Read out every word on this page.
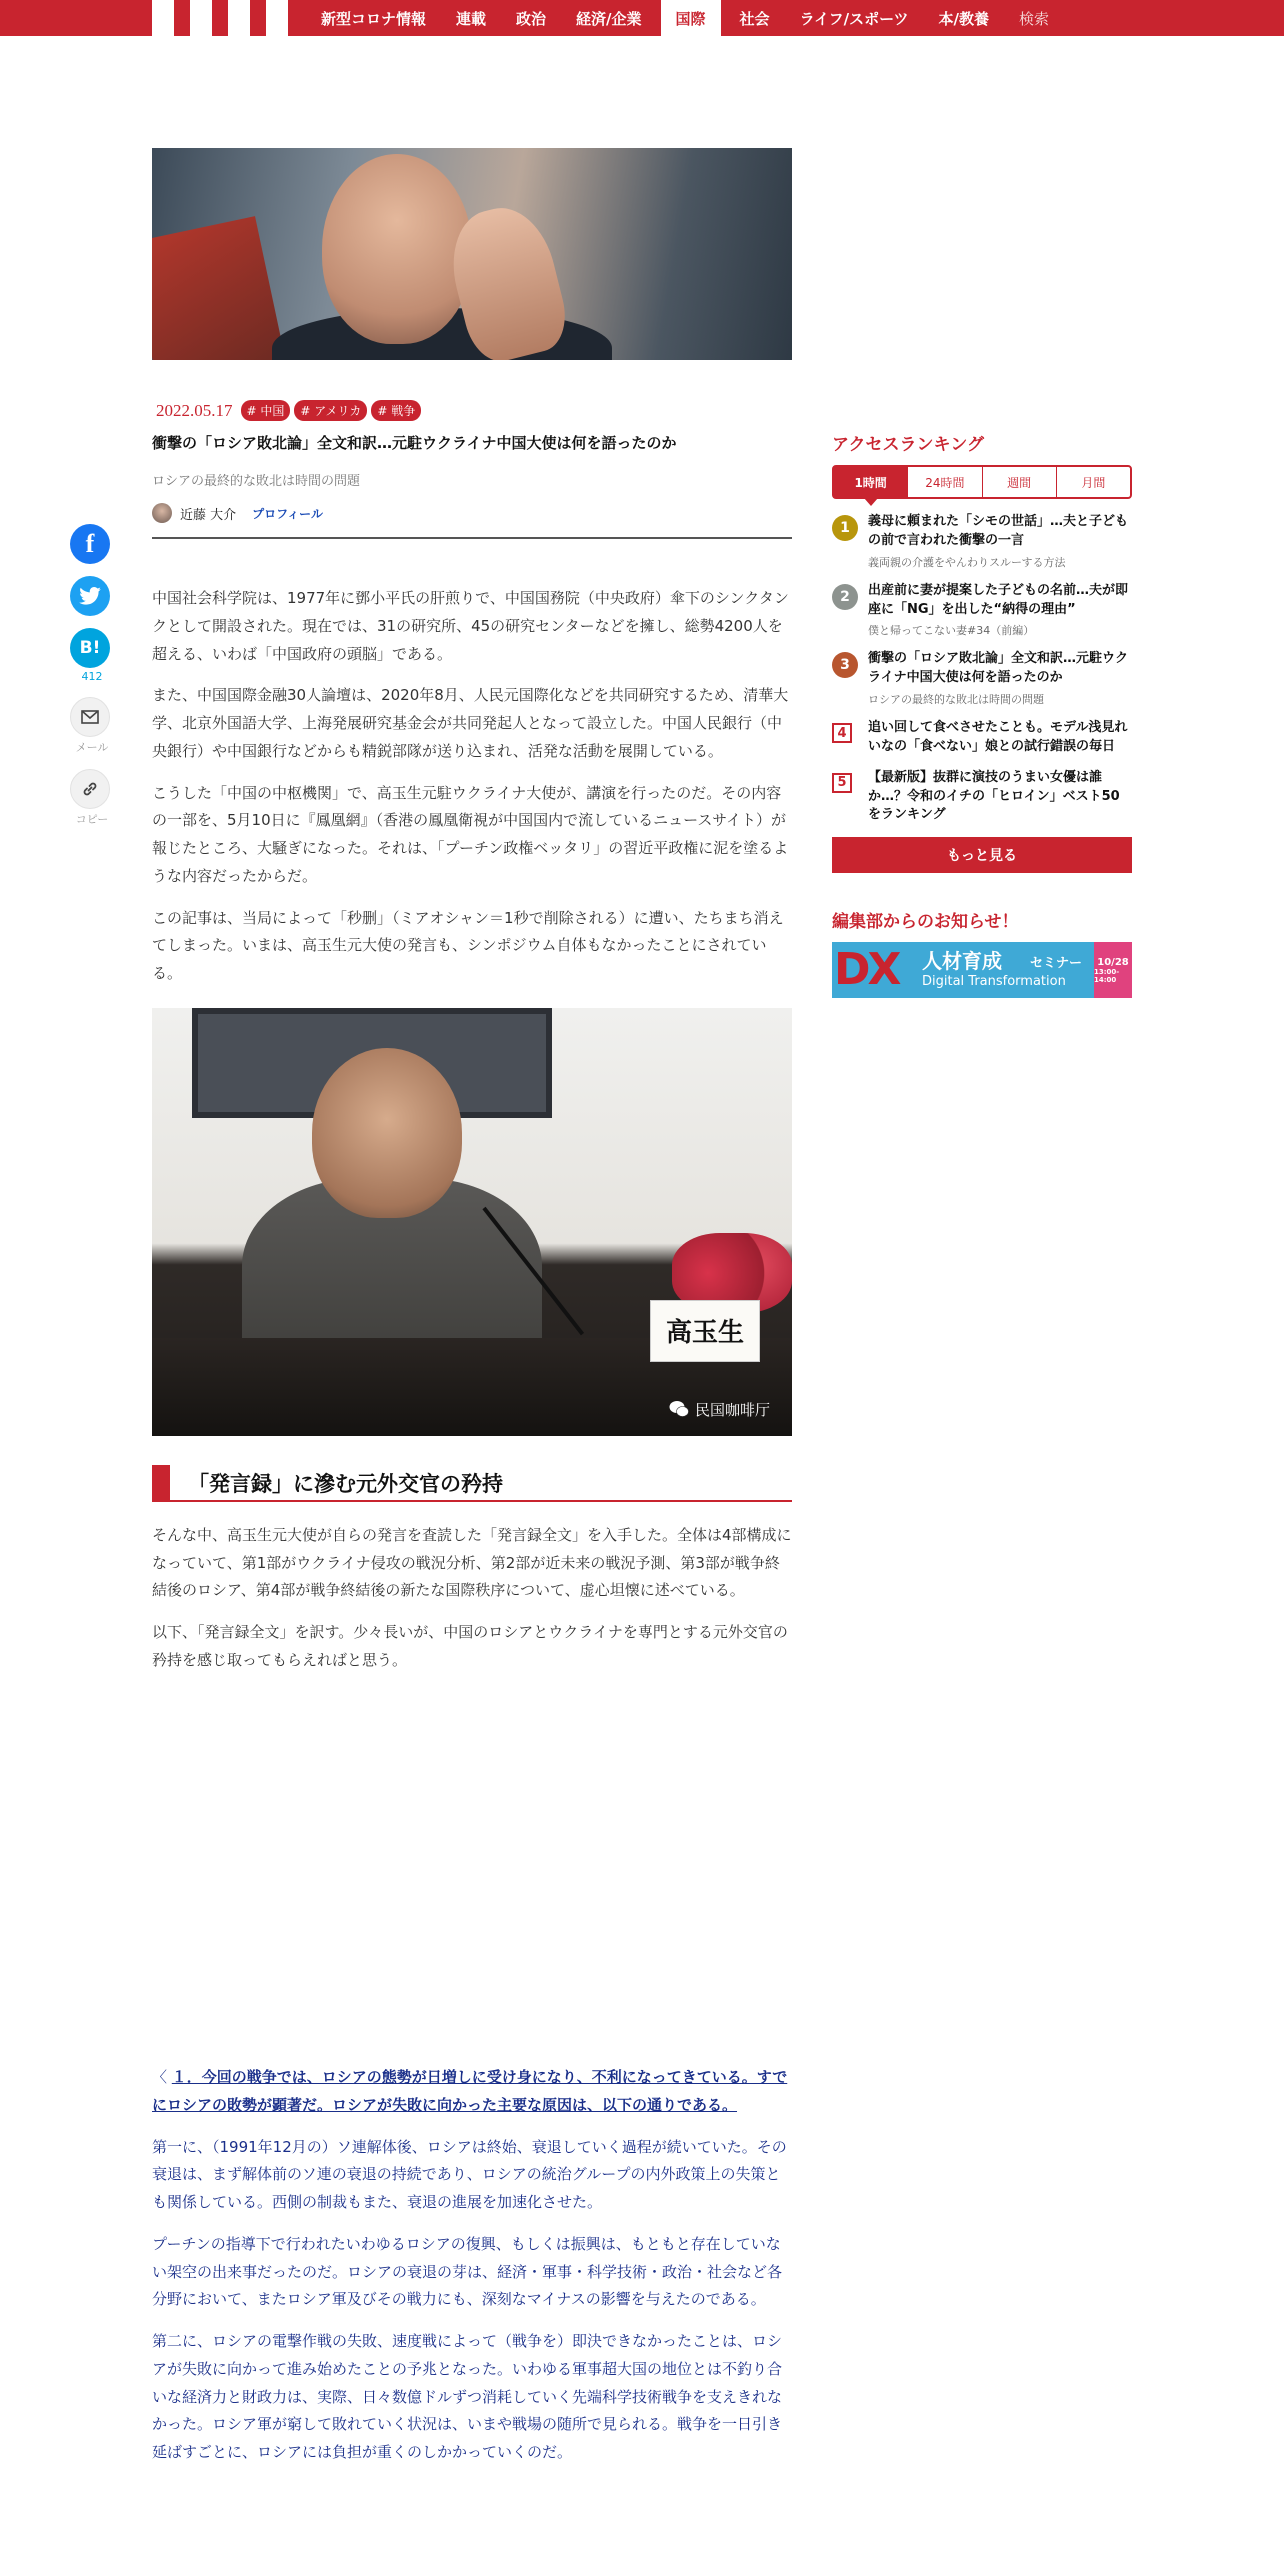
新型コロナ情報	連載	政治	経済/企業	国際	社会	ライフ/スポーツ	本/教養	検索
f
B!
412
メール
コピー
2022.05.17	# 中国	# アメリカ	# 戦争
衝撃の「ロシア敗北論」全文和訳…元駐ウクライナ中国大使は何を語ったのか
ロシアの最終的な敗北は時間の問題
近藤 大介 プロフィール

中国社会科学院は、1977年に鄧小平氏の肝煎りで、中国国務院（中央政府）傘下のシンクタンクとして開設された。現在では、31の研究所、45の研究センターなどを擁し、総勢4200人を超える、いわば「中国政府の頭脳」である。

また、中国国際金融30人論壇は、2020年8月、人民元国際化などを共同研究するため、清華大学、北京外国語大学、上海発展研究基金会が共同発起人となって設立した。中国人民銀行（中央銀行）や中国銀行などからも精鋭部隊が送り込まれ、活発な活動を展開している。

こうした「中国の中枢機関」で、高玉生元駐ウクライナ大使が、講演を行ったのだ。その内容の一部を、5月10日に『鳳凰網』（香港の鳳凰衛視が中国国内で流しているニュースサイト）が報じたところ、大騒ぎになった。それは、「プーチン政権ベッタリ」の習近平政権に泥を塗るような内容だったからだ。

この記事は、当局によって「秒删」（ミアオシャン＝1秒で削除される）に遭い、たちまち消えてしまった。いまは、高玉生元大使の発言も、シンポジウム自体もなかったことにされている。

高玉生
民国咖啡厅
「発言録」に滲む元外交官の矜持

そんな中、高玉生元大使が自らの発言を査読した「発言録全文」を入手した。全体は4部構成になっていて、第1部がウクライナ侵攻の戦況分析、第2部が近未来の戦況予測、第3部が戦争終結後のロシア、第4部が戦争終結後の新たな国際秩序について、虚心坦懐に述べている。

以下、「発言録全文」を訳す。少々長いが、中国のロシアとウクライナを専門とする元外交官の矜持を感じ取ってもらえればと思う。

〈 １．今回の戦争では、ロシアの態勢が日増しに受け身になり、不利になってきている。すでにロシアの敗勢が顕著だ。ロシアが失敗に向かった主要な原因は、以下の通りである。

第一に、（1991年12月の）ソ連解体後、ロシアは終始、衰退していく過程が続いていた。その衰退は、まず解体前のソ連の衰退の持続であり、ロシアの統治グループの内外政策上の失策とも関係している。西側の制裁もまた、衰退の進展を加速化させた。

プーチンの指導下で行われたいわゆるロシアの復興、もしくは振興は、もともと存在していない架空の出来事だったのだ。ロシアの衰退の芽は、経済・軍事・科学技術・政治・社会など各分野において、またロシア軍及びその戦力にも、深刻なマイナスの影響を与えたのである。

第二に、ロシアの電撃作戦の失敗、速度戦によって（戦争を）即決できなかったことは、ロシアが失敗に向かって進み始めたことの予兆となった。いわゆる軍事超大国の地位とは不釣り合いな経済力と財政力は、実際、日々数億ドルずつ消耗していく先端科学技術戦争を支えきれなかった。ロシア軍が窮して敗れていく状況は、いまや戦場の随所で見られる。戦争を一日引き延ばすごとに、ロシアには負担が重くのしかかっていくのだ。

アクセスランキング
1時間	24時間	週間	月間
1	義母に頼まれた「シモの世話」…夫と子どもの前で言われた衝撃の一言
義両親の介護をやんわりスルーする方法
2	出産前に妻が提案した子どもの名前…夫が即座に「NG」を出した“納得の理由”
僕と帰ってこない妻#34（前編）
3	衝撃の「ロシア敗北論」全文和訳…元駐ウクライナ中国大使は何を語ったのか
ロシアの最終的な敗北は時間の問題
4	追い回して食べさせたことも。モデル浅見れいなの「食べない」娘との試行錯誤の毎日
5	【最新版】抜群に演技のうまい女優は誰か…？令和のイチの「ヒロイン」ベスト50をランキング
もっと見る
編集部からのお知らせ！
DX 人材育成 セミナー
Digital Transformation
10/28
13:00-14:00
